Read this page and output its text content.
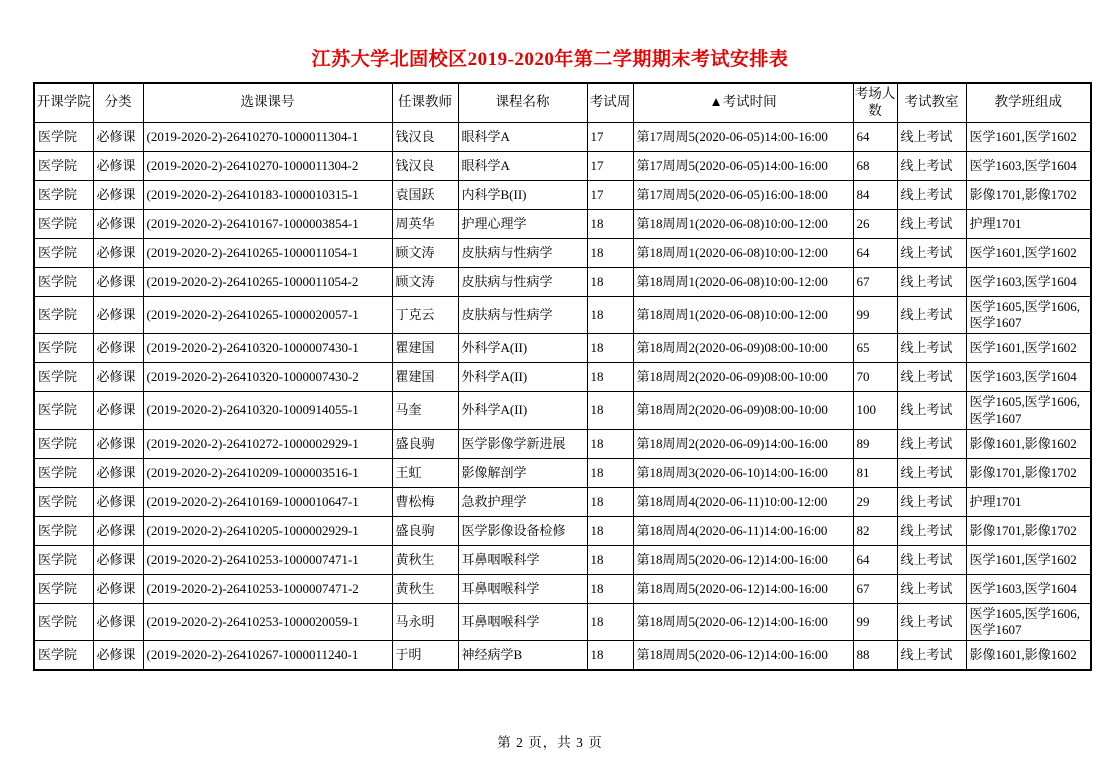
江苏大学北固校区2019-2020年第二学期期末考试安排表
开课学院	分类	选课课号	任课教师	课程名称	考试周	▲考试时间	考场人数	考试教室	教学班组成
医学院	必修课	(2019-2020-2)-26410270-1000011304-1	钱汉良	眼科学A	17	第17周周5(2020-06-05)14:00-16:00	64	线上考试	医学1601,医学1602
医学院	必修课	(2019-2020-2)-26410270-1000011304-2	钱汉良	眼科学A	17	第17周周5(2020-06-05)14:00-16:00	68	线上考试	医学1603,医学1604
医学院	必修课	(2019-2020-2)-26410183-1000010315-1	袁国跃	内科学B(II)	17	第17周周5(2020-06-05)16:00-18:00	84	线上考试	影像1701,影像1702
医学院	必修课	(2019-2020-2)-26410167-1000003854-1	周英华	护理心理学	18	第18周周1(2020-06-08)10:00-12:00	26	线上考试	护理1701
医学院	必修课	(2019-2020-2)-26410265-1000011054-1	顾文涛	皮肤病与性病学	18	第18周周1(2020-06-08)10:00-12:00	64	线上考试	医学1601,医学1602
医学院	必修课	(2019-2020-2)-26410265-1000011054-2	顾文涛	皮肤病与性病学	18	第18周周1(2020-06-08)10:00-12:00	67	线上考试	医学1603,医学1604
医学院	必修课	(2019-2020-2)-26410265-1000020057-1	丁克云	皮肤病与性病学	18	第18周周1(2020-06-08)10:00-12:00	99	线上考试	医学1605,医学1606,医学1607
医学院	必修课	(2019-2020-2)-26410320-1000007430-1	瞿建国	外科学A(II)	18	第18周周2(2020-06-09)08:00-10:00	65	线上考试	医学1601,医学1602
医学院	必修课	(2019-2020-2)-26410320-1000007430-2	瞿建国	外科学A(II)	18	第18周周2(2020-06-09)08:00-10:00	70	线上考试	医学1603,医学1604
医学院	必修课	(2019-2020-2)-26410320-1000914055-1	马奎	外科学A(II)	18	第18周周2(2020-06-09)08:00-10:00	100	线上考试	医学1605,医学1606,医学1607
医学院	必修课	(2019-2020-2)-26410272-1000002929-1	盛良驹	医学影像学新进展	18	第18周周2(2020-06-09)14:00-16:00	89	线上考试	影像1601,影像1602
医学院	必修课	(2019-2020-2)-26410209-1000003516-1	王虹	影像解剖学	18	第18周周3(2020-06-10)14:00-16:00	81	线上考试	影像1701,影像1702
医学院	必修课	(2019-2020-2)-26410169-1000010647-1	曹松梅	急救护理学	18	第18周周4(2020-06-11)10:00-12:00	29	线上考试	护理1701
医学院	必修课	(2019-2020-2)-26410205-1000002929-1	盛良驹	医学影像设备检修	18	第18周周4(2020-06-11)14:00-16:00	82	线上考试	影像1701,影像1702
医学院	必修课	(2019-2020-2)-26410253-1000007471-1	黄秋生	耳鼻咽喉科学	18	第18周周5(2020-06-12)14:00-16:00	64	线上考试	医学1601,医学1602
医学院	必修课	(2019-2020-2)-26410253-1000007471-2	黄秋生	耳鼻咽喉科学	18	第18周周5(2020-06-12)14:00-16:00	67	线上考试	医学1603,医学1604
医学院	必修课	(2019-2020-2)-26410253-1000020059-1	马永明	耳鼻咽喉科学	18	第18周周5(2020-06-12)14:00-16:00	99	线上考试	医学1605,医学1606,医学1607
医学院	必修课	(2019-2020-2)-26410267-1000011240-1	于明	神经病学B	18	第18周周5(2020-06-12)14:00-16:00	88	线上考试	影像1601,影像1602
第 2 页，共 3 页
